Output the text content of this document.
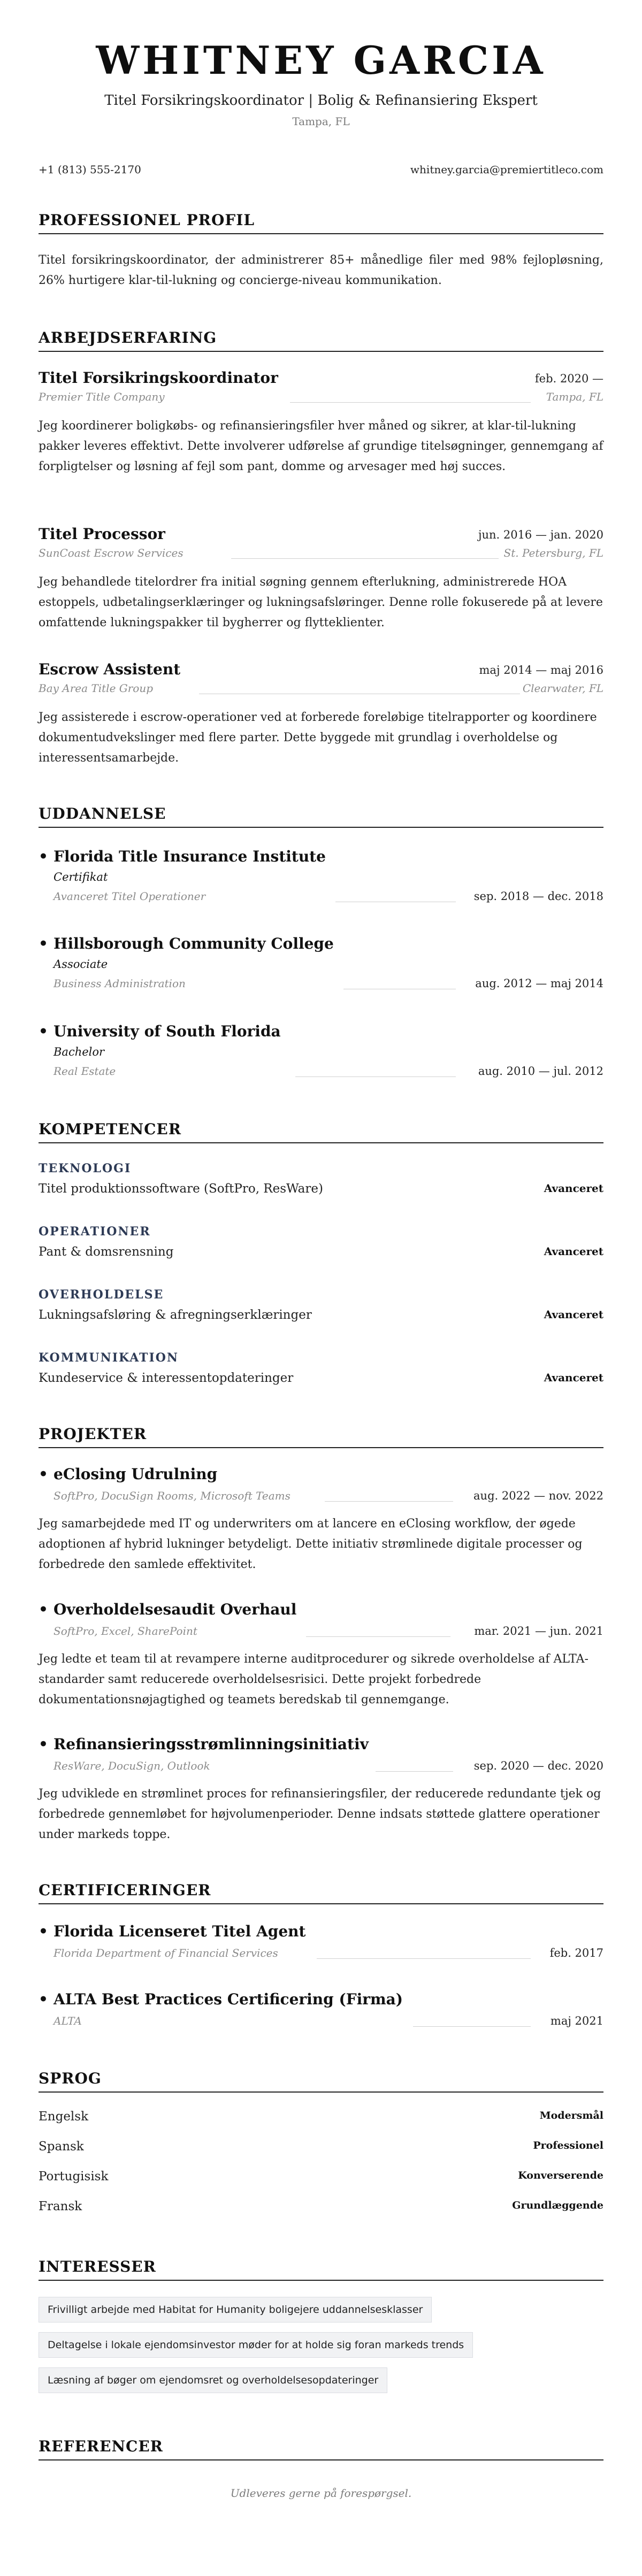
WHITNEY GARCIA
Titel Forsikringskoordinator | Bolig & Refinansiering Ekspert
Tampa, FL
+1 (813) 555-2170	whitney.garcia@premiertitleco.com
PROFESSIONEL PROFIL
Titel forsikringskoordinator, der administrerer 85+ månedlige filer med 98% fejlopløsning, 26% hurtigere klar-til-lukning og concierge-niveau kommunikation.
ARBEJDSERFARING
Titel Forsikringskoordinator	feb. 2020 —
Premier Title Company	Tampa, FL
Jeg koordinerer boligkøbs- og refinansieringsfiler hver måned og sikrer, at klar-til-lukning pakker leveres effektivt. Dette involverer udførelse af grundige titelsøgninger, gennemgang af forpligtelser og løsning af fejl som pant, domme og arvesager med høj succes.
Titel Processor	jun. 2016 — jan. 2020
SunCoast Escrow Services	St. Petersburg, FL
Jeg behandlede titelordrer fra initial søgning gennem efterlukning, administrerede HOA estoppels, udbetalingserklæringer og lukningsafsløringer. Denne rolle fokuserede på at levere omfattende lukningspakker til bygherrer og flytteklienter.
Escrow Assistent	maj 2014 — maj 2016
Bay Area Title Group	Clearwater, FL
Jeg assisterede i escrow-operationer ved at forberede foreløbige titelrapporter og koordinere dokumentudvekslinger med flere parter. Dette byggede mit grundlag i overholdelse og interessentsamarbejde.
UDDANNELSE
• Florida Title Insurance Institute
Certifikat
Avanceret Titel Operationer	sep. 2018 — dec. 2018
• Hillsborough Community College
Associate
Business Administration	aug. 2012 — maj 2014
• University of South Florida
Bachelor
Real Estate	aug. 2010 — jul. 2012
KOMPETENCER
TEKNOLOGI
Titel produktionssoftware (SoftPro, ResWare)	Avanceret
OPERATIONER
Pant & domsrensning	Avanceret
OVERHOLDELSE
Lukningsafsløring & afregningserklæringer	Avanceret
KOMMUNIKATION
Kundeservice & interessentopdateringer	Avanceret
PROJEKTER
• eClosing Udrulning
SoftPro, DocuSign Rooms, Microsoft Teams	aug. 2022 — nov. 2022
Jeg samarbejdede med IT og underwriters om at lancere en eClosing workflow, der øgede adoptionen af hybrid lukninger betydeligt. Dette initiativ strømlinede digitale processer og forbedrede den samlede effektivitet.
• Overholdelsesaudit Overhaul
SoftPro, Excel, SharePoint	mar. 2021 — jun. 2021
Jeg ledte et team til at revampere interne auditprocedurer og sikrede overholdelse af ALTA-standarder samt reducerede overholdelsesrisici. Dette projekt forbedrede dokumentationsnøjagtighed og teamets beredskab til gennemgange.
• Refinansieringsstrømlinningsinitiativ
ResWare, DocuSign, Outlook	sep. 2020 — dec. 2020
Jeg udviklede en strømlinet proces for refinansieringsfiler, der reducerede redundante tjek og forbedrede gennemløbet for højvolumenperioder. Denne indsats støttede glattere operationer under markeds toppe.
CERTIFICERINGER
• Florida Licenseret Titel Agent
Florida Department of Financial Services	feb. 2017
• ALTA Best Practices Certificering (Firma)
ALTA	maj 2021
SPROG
Engelsk	Modersmål
Spansk	Professionel
Portugisisk	Konverserende
Fransk	Grundlæggende
INTERESSER
Frivilligt arbejde med Habitat for Humanity boligejere uddannelsesklasser
Deltagelse i lokale ejendomsinvestor møder for at holde sig foran markeds trends
Læsning af bøger om ejendomsret og overholdelsesopdateringer
REFERENCER
Udleveres gerne på forespørgsel.
